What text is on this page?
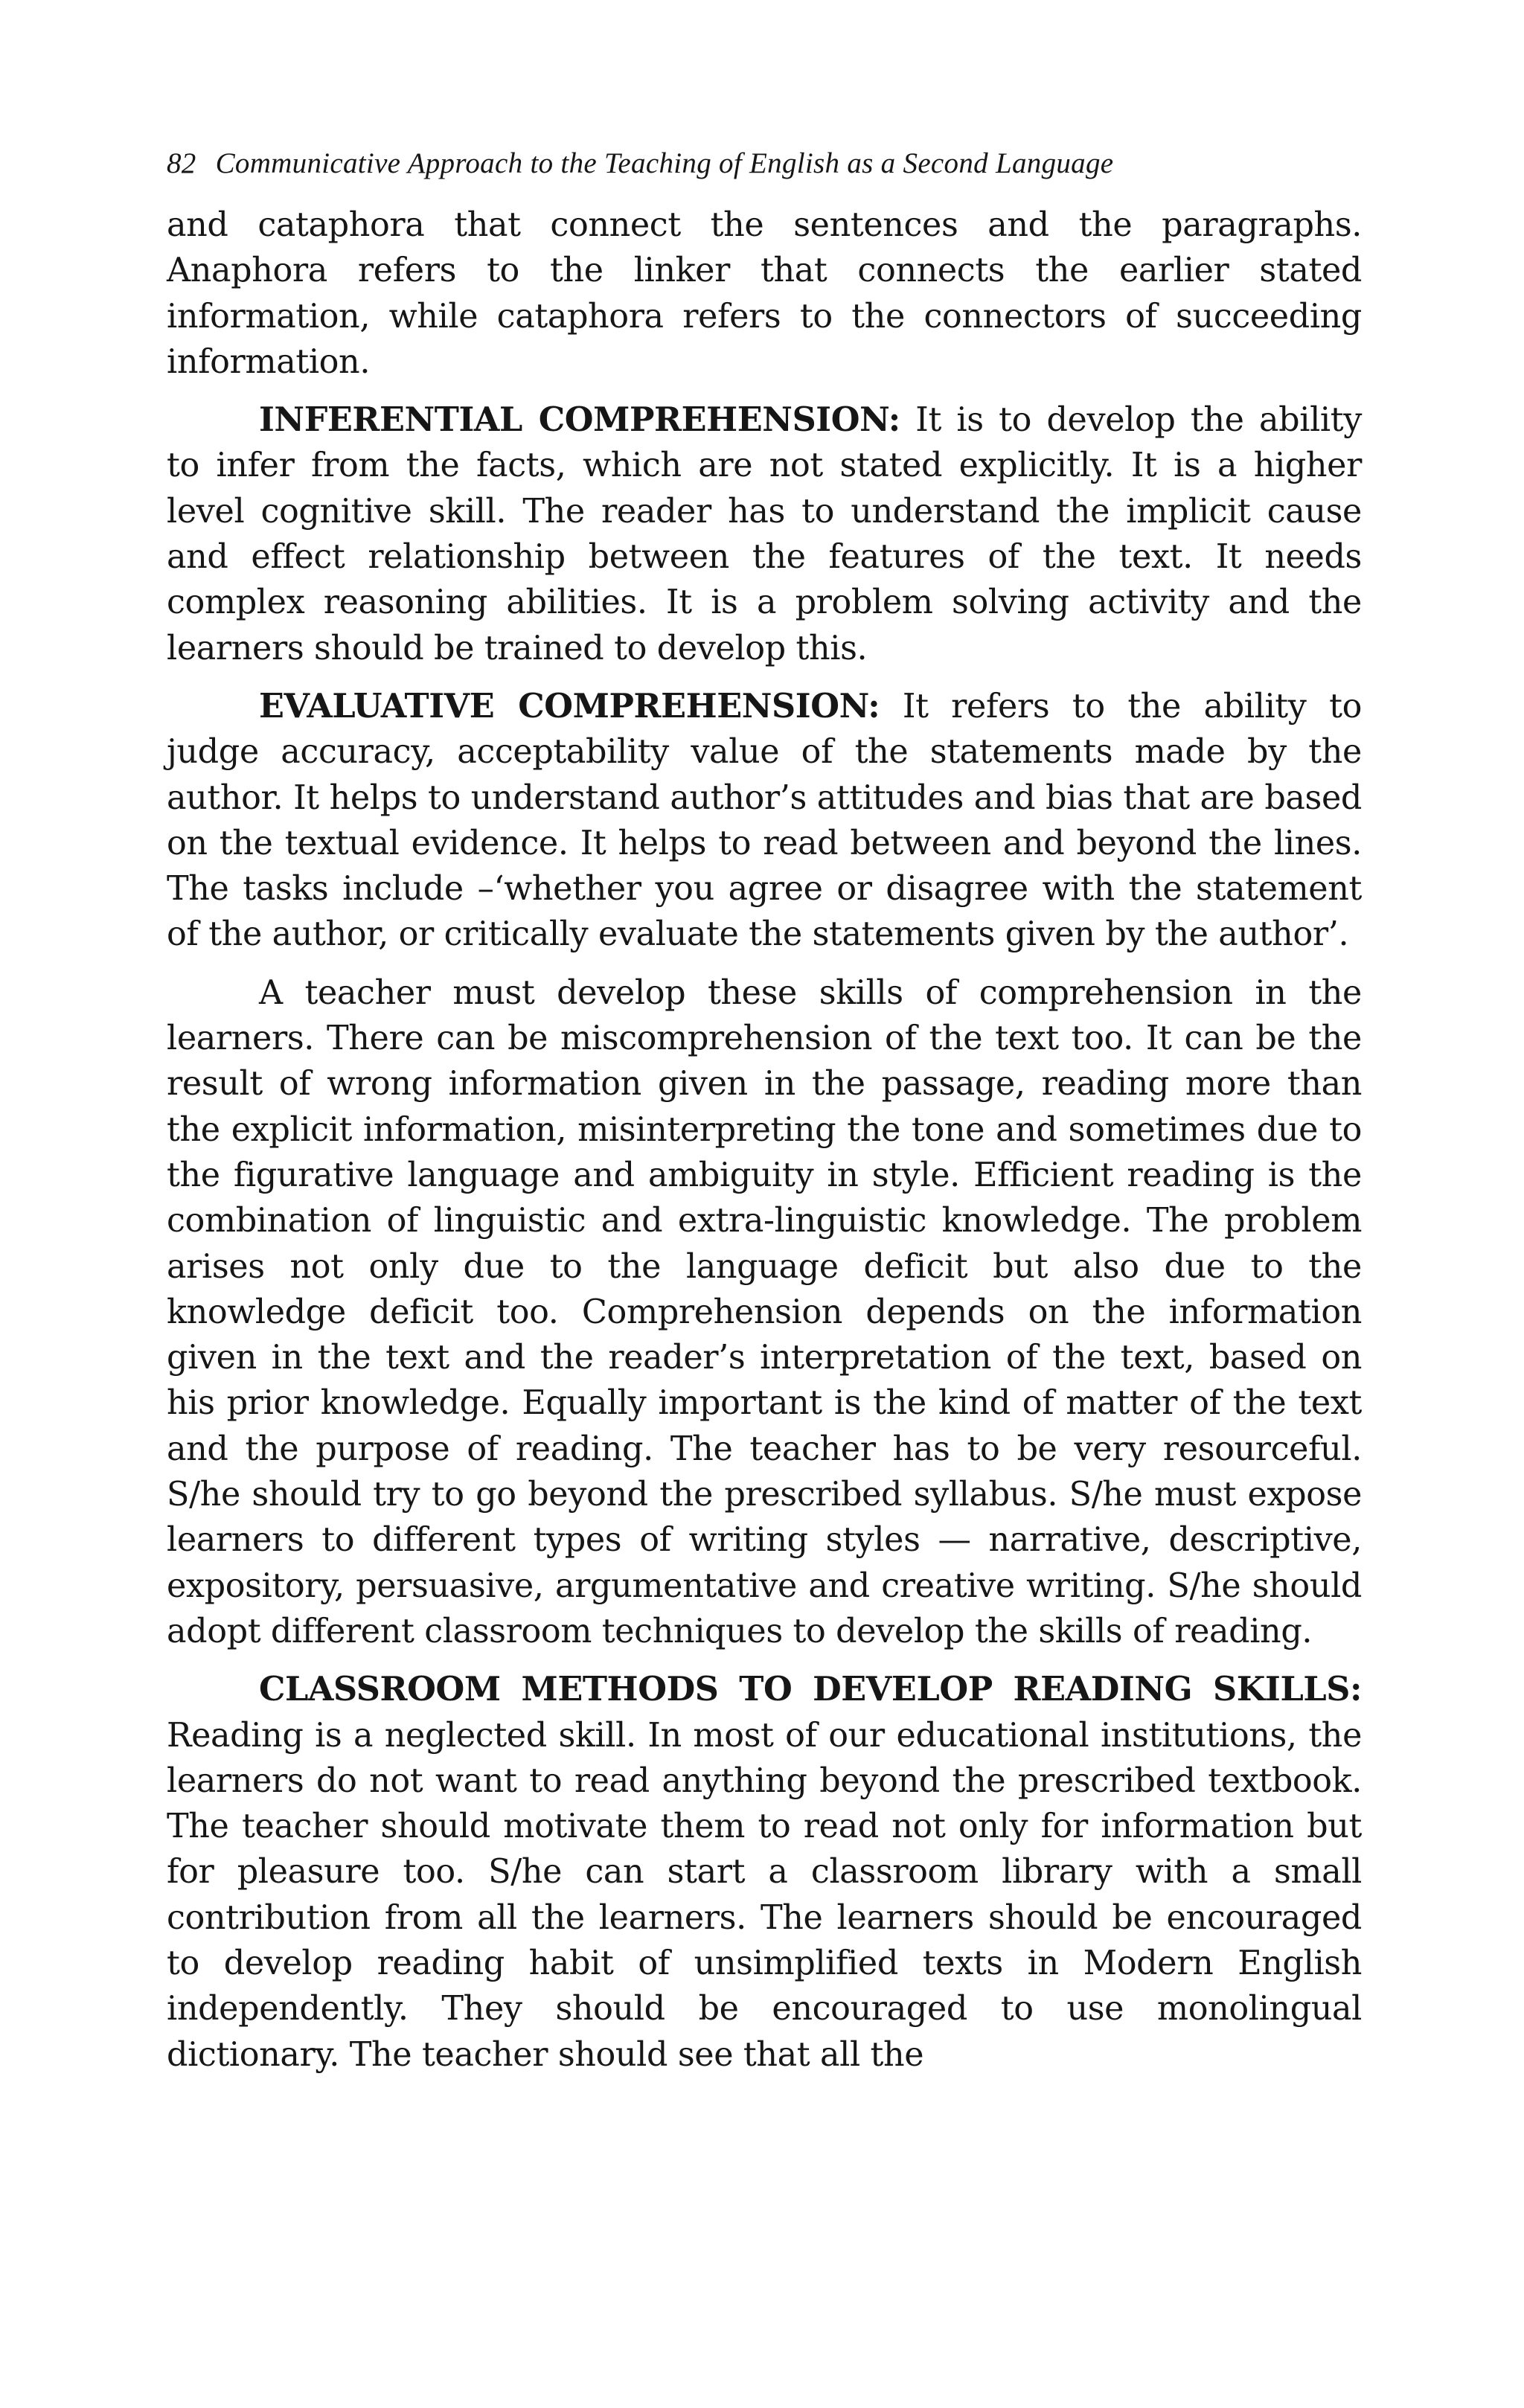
82 Communicative Approach to the Teaching of English as a Second Language

and cataphora that connect the sentences and the paragraphs. Anaphora refers to the linker that connects the earlier stated information, while cataphora refers to the connectors of succeeding information.

INFERENTIAL COMPREHENSION: It is to develop the ability to infer from the facts, which are not stated explicitly. It is a higher level cognitive skill. The reader has to understand the implicit cause and effect relationship between the features of the text. It needs complex reasoning abilities. It is a problem solving activity and the learners should be trained to develop this.

EVALUATIVE COMPREHENSION: It refers to the ability to judge accuracy, acceptability value of the statements made by the author. It helps to understand author’s attitudes and bias that are based on the textual evidence. It helps to read between and beyond the lines. The tasks include –‘whether you agree or disagree with the statement of the author, or critically evaluate the statements given by the author’.

A teacher must develop these skills of comprehension in the learners. There can be miscomprehension of the text too. It can be the result of wrong information given in the passage, reading more than the explicit information, misinterpreting the tone and sometimes due to the figurative language and ambiguity in style. Efficient reading is the combination of linguistic and extra-linguistic knowledge. The problem arises not only due to the language deficit but also due to the knowledge deficit too. Comprehension depends on the information given in the text and the reader’s interpretation of the text, based on his prior knowledge. Equally important is the kind of matter of the text and the purpose of reading. The teacher has to be very resourceful. S/he should try to go beyond the prescribed syllabus. S/he must expose learners to different types of writing styles — narrative, descriptive, expository, persuasive, argumentative and creative writing. S/he should adopt different classroom techniques to develop the skills of reading.

CLASSROOM METHODS TO DEVELOP READING SKILLS: Reading is a neglected skill. In most of our educational institutions, the learners do not want to read anything beyond the prescribed textbook. The teacher should motivate them to read not only for information but for pleasure too. S/he can start a classroom library with a small contribution from all the learners. The learners should be encouraged to develop reading habit of unsimplified texts in Modern English independently. They should be encouraged to use monolingual dictionary. The teacher should see that all the
